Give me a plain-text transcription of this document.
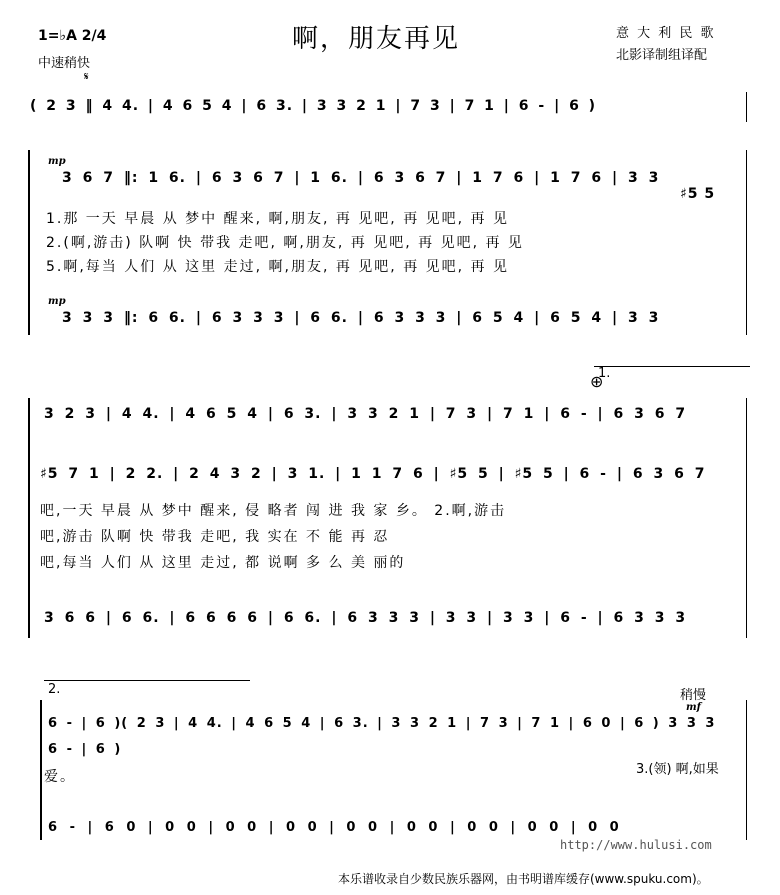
1=♭A 2/4
中速稍快
𝄋
啊，朋友再见	意 大 利 民 歌
北影译制组译配
( 2 3 ‖ 4 4. | 4 6 5 4 | 6 3. | 3 3 2 1 | 7 3 | 7 1 | 6 - | 6 )
mp
3 6 7 ‖: 1 6. | 6 3 6 7 | 1 6. | 6 3 6 7 | 1 7 6 | 1 7 6 | 3 3
♯5 5
1.那 一天 早晨 从 梦中 醒来, 啊,朋友, 再 见吧, 再 见吧, 再 见
2.(啊,游击) 队啊 快 带我 走吧, 啊,朋友, 再 见吧, 再 见吧, 再 见
5.啊,每当 人们 从 这里 走过, 啊,朋友, 再 见吧, 再 见吧, 再 见
mp
3 3 3 ‖: 6 6. | 6 3 3 3 | 6 6. | 6 3 3 3 | 6 5 4 | 6 5 4 | 3 3
⊕
1.
3 2 3 | 4 4. | 4 6 5 4 | 6 3. | 3 3 2 1 | 7 3 | 7 1 | 6 - | 6 3 6 7
♯5 7 1 | 2 2. | 2 4 3 2 | 3 1. | 1 1 7 6 | ♯5 5 | ♯5 5 | 6 - | 6 3 6 7
吧,一天 早晨 从 梦中 醒来, 侵 略者 闯 进 我 家 乡。 2.啊,游击
吧,游击 队啊 快 带我 走吧, 我 实在 不 能 再 忍
吧,每当 人们 从 这里 走过, 都 说啊 多 么 美 丽的
3 6 6 | 6 6. | 6 6 6 6 | 6 6. | 6 3 3 3 | 3 3 | 3 3 | 6 - | 6 3 3 3
2.	稍慢
mf
6 - | 6 )( 2 3 | 4 4. | 4 6 5 4 | 6 3. | 3 3 2 1 | 7 3 | 7 1 | 6 0 | 6 ) 3 3 3
6 - | 6 )
爱。	3.(领) 啊,如果
6 - | 6 0 | 0 0 | 0 0 | 0 0 | 0 0 | 0 0 | 0 0 | 0 0 | 0 0
http://www.hulusi.com
本乐谱收录自少数民族乐器网，由书明谱库缓存(www.spuku.com)。
